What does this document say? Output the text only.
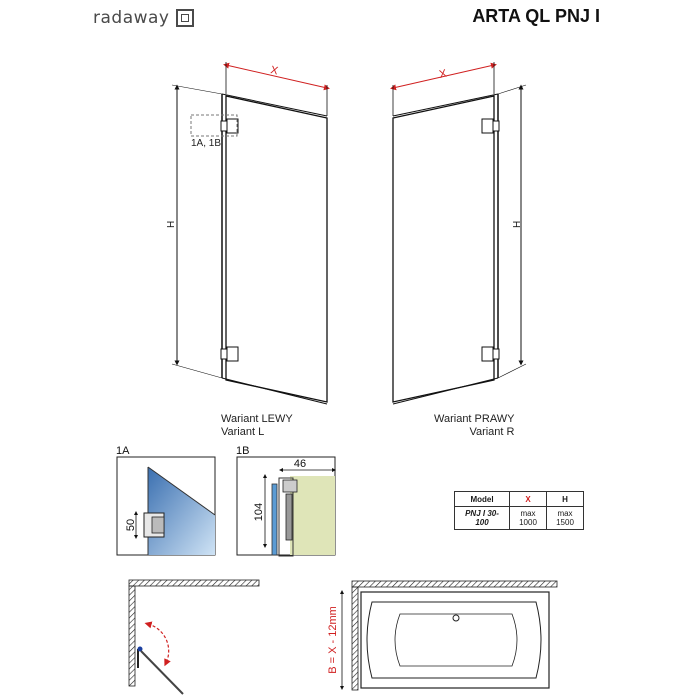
radaway	ARTA QL PNJ I
X
H
1A, 1B
X
H
1A
50
1B
46
104
B = X - 12mm
Wariant LEWY
Variant L
Wariant PRAWY
Variant R
Model	X	H
PNJ I 30-100	max 1000	max 1500
